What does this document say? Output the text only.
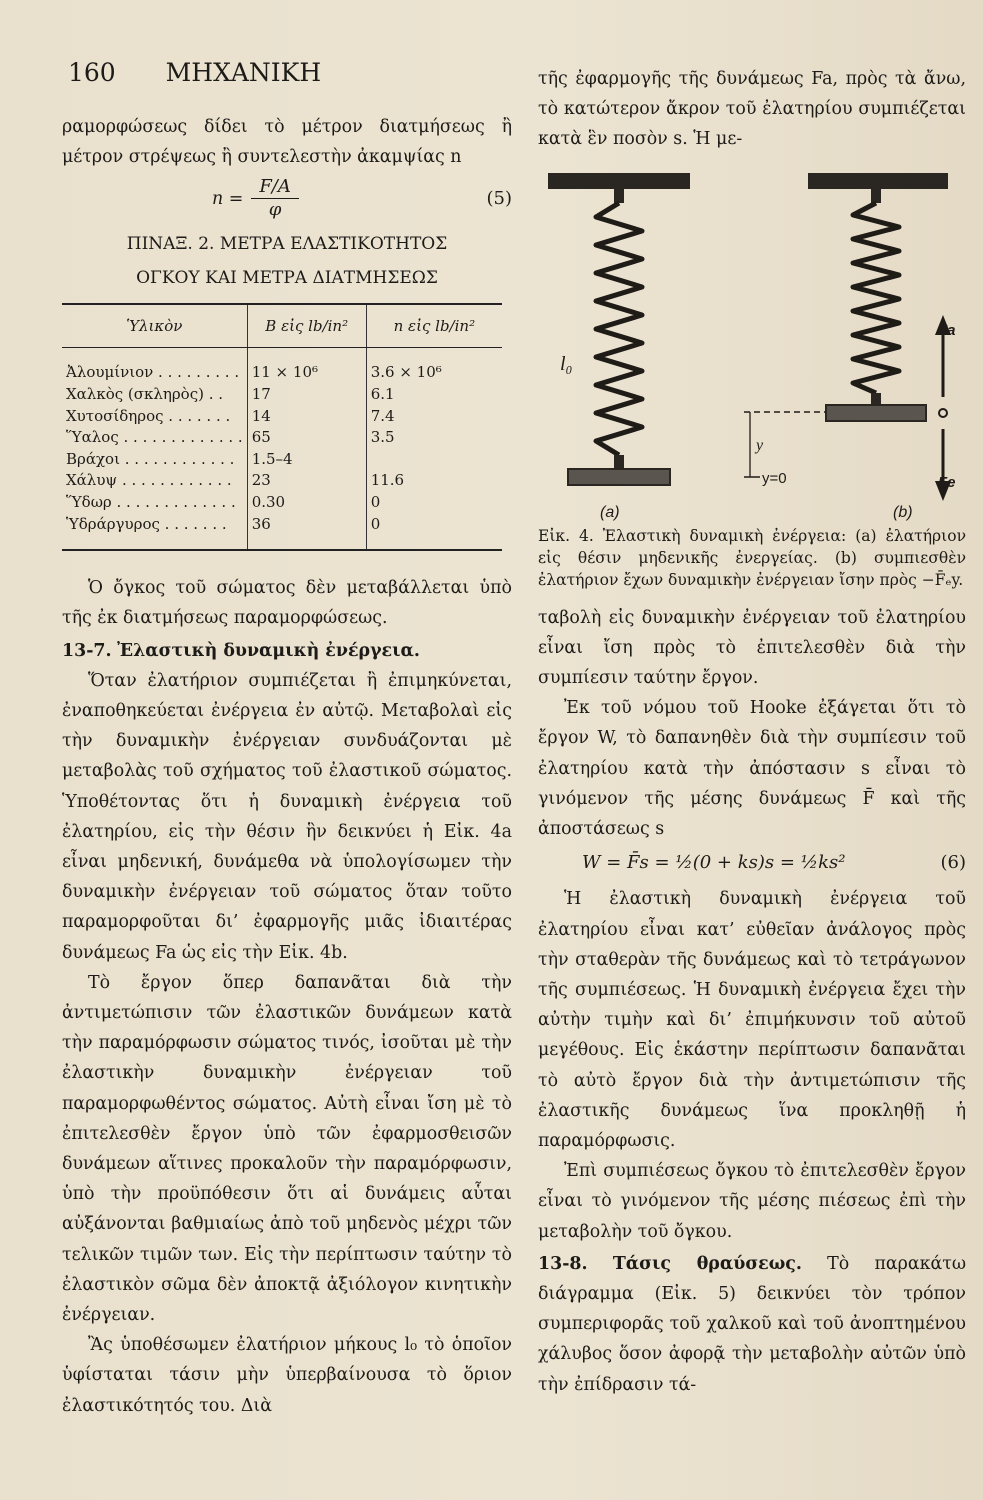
160 ΜΗΧΑΝΙΚΗ

ραμορφώσεως δίδει τὸ μέτρον διατμήσεως ἢ μέτρον στρέψεως ἢ συντελεστὴν ἀκαμψίας n

$n = \frac{F/A}{\varphi}$	(5)
ΠΙΝΑΞ. 2. ΜΕΤΡΑ ΕΛΑΣΤΙΚΟΤΗΤΟΣ
ΟΓΚΟΥ ΚΑΙ ΜΕΤΡΑ ΔΙΑΤΜΗΣΕΩΣ
Ὑλικὸν	B εἰς lb/in²	n εἰς lb/in²

Ἀλουμίνιον . . . . . . . . .	11 × 10⁶	3.6 × 10⁶
Χαλκὸς (σκληρὸς) . .	17	6.1
Χυτοσίδηρος . . . . . . .	14	7.4
Ὕαλος . . . . . . . . . . . . .	65	3.5
Βράχοι . . . . . . . . . . . .	1.5–4	
Χάλυψ . . . . . . . . . . . .	23	11.6
Ὕδωρ . . . . . . . . . . . . .	0.30	0
Ὑδράργυρος . . . . . . .	36	0

Ὁ ὄγκος τοῦ σώματος δὲν μεταβάλλεται ὑπὸ τῆς ἐκ διατμήσεως παραμορφώσεως.

13-7. Ἐλαστικὴ δυναμικὴ ἐνέργεια.

Ὅταν ἐλατήριον συμπιέζεται ἢ ἐπιμηκύνεται, ἐναποθηκεύεται ἐνέργεια ἐν αὐτῷ. Μεταβολαὶ εἰς τὴν δυναμικὴν ἐνέργειαν συνδυάζονται μὲ μεταβολὰς τοῦ σχήματος τοῦ ἐλαστικοῦ σώματος. Ὑποθέτοντας ὅτι ἡ δυναμικὴ ἐνέργεια τοῦ ἐλατηρίου, εἰς τὴν θέσιν ἣν δεικνύει ἡ Εἰκ. 4a εἶναι μηδενική, δυνάμεθα νὰ ὑπολογίσωμεν τὴν δυναμικὴν ἐνέργειαν τοῦ σώματος ὅταν τοῦτο παραμορφοῦται δι’ ἐφαρμογῆς μιᾶς ἰδιαιτέρας δυνάμεως Fa ὡς εἰς τὴν Εἰκ. 4b.

Τὸ ἔργον ὅπερ δαπανᾶται διὰ τὴν ἀντιμετώπισιν τῶν ἐλαστικῶν δυνάμεων κατὰ τὴν παραμόρφωσιν σώματος τινός, ἰσοῦται μὲ τὴν ἐλαστικὴν δυναμικὴν ἐνέργειαν τοῦ παραμορφωθέντος σώματος. Αὐτὴ εἶναι ἴση μὲ τὸ ἐπιτελεσθὲν ἔργον ὑπὸ τῶν ἐφαρμοσθεισῶν δυνάμεων αἵτινες προκαλοῦν τὴν παραμόρφωσιν, ὑπὸ τὴν προϋπόθεσιν ὅτι αἱ δυνάμεις αὗται αὐξάνονται βαθμιαίως ἀπὸ τοῦ μηδενὸς μέχρι τῶν τελικῶν τιμῶν των. Εἰς τὴν περίπτωσιν ταύτην τὸ ἐλαστικὸν σῶμα δὲν ἀποκτᾷ ἀξιόλογον κινητικὴν ἐνέργειαν.

Ἂς ὑποθέσωμεν ἐλατήριον μήκους l₀ τὸ ὁποῖον ὑφίσταται τάσιν μὴν ὑπερβαίνουσα τὸ ὅριον ἐλαστικότητός του. Διὰ

τῆς ἐφαρμογῆς τῆς δυνάμεως Fa, πρὸς τὰ ἄνω, τὸ κατώτερον ἄκρον τοῦ ἐλατηρίου συμπιέζεται κατὰ ἓν ποσὸν s. Ἡ με-

l₀
(a)	(b)
y
y=0
Fa
Fe

Εἰκ. 4. Ἐλαστικὴ δυναμικὴ ἐνέργεια: (a) ἐλατήριον εἰς θέσιν μηδενικῆς ἐνεργείας. (b) συμπιεσθὲν ἐλατήριον ἔχων δυναμικὴν ἐνέργειαν ἴσην πρὸς −F̄ₑy.

ταβολὴ εἰς δυναμικὴν ἐνέργειαν τοῦ ἐλατηρίου εἶναι ἴση πρὸς τὸ ἐπιτελεσθὲν διὰ τὴν συμπίεσιν ταύτην ἔργον.

Ἐκ τοῦ νόμου τοῦ Hooke ἐξάγεται ὅτι τὸ ἔργον W, τὸ δαπανηθὲν διὰ τὴν συμπίεσιν τοῦ ἐλατηρίου κατὰ τὴν ἀπόστασιν s εἶναι τὸ γινόμενον τῆς μέσης δυνάμεως F̄ καὶ τῆς ἀποστάσεως s

W = F̄s = ½(0 + ks)s = ½ks²	(6)

Ἡ ἐλαστικὴ δυναμικὴ ἐνέργεια τοῦ ἐλατηρίου εἶναι κατ’ εὐθεῖαν ἀνάλογος πρὸς τὴν σταθερὰν τῆς δυνάμεως καὶ τὸ τετράγωνον τῆς συμπιέσεως. Ἡ δυναμικὴ ἐνέργεια ἔχει τὴν αὐτὴν τιμὴν καὶ δι’ ἐπιμήκυνσιν τοῦ αὐτοῦ μεγέθους. Εἰς ἑκάστην περίπτωσιν δαπανᾶται τὸ αὐτὸ ἔργον διὰ τὴν ἀντιμετώπισιν τῆς ἐλαστικῆς δυνάμεως ἵνα προκληθῇ ἡ παραμόρφωσις.

Ἐπὶ συμπιέσεως ὄγκου τὸ ἐπιτελεσθὲν ἔργον εἶναι τὸ γινόμενον τῆς μέσης πιέσεως ἐπὶ τὴν μεταβολὴν τοῦ ὄγκου.

13-8. Τάσις θραύσεως. Τὸ παρακάτω διάγραμμα (Εἰκ. 5) δεικνύει τὸν τρόπον συμπεριφορᾶς τοῦ χαλκοῦ καὶ τοῦ ἀνοπτημένου χάλυβος ὅσον ἀφορᾷ τὴν μεταβολὴν αὐτῶν ὑπὸ τὴν ἐπίδρασιν τά-
